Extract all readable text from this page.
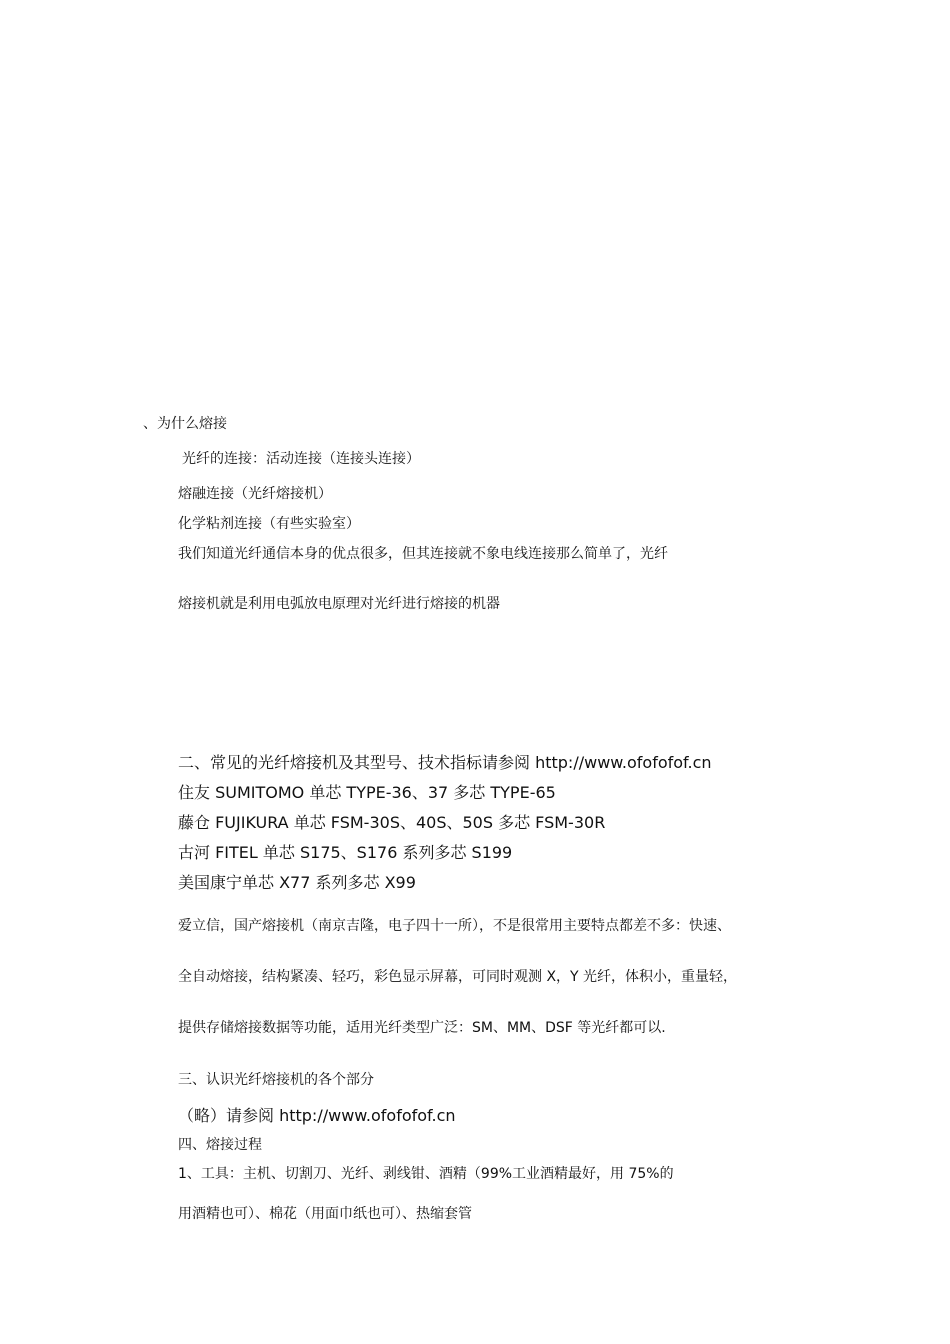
、为什么熔接
光纤的连接：活动连接（连接头连接）
熔融连接（光纤熔接机）
化学粘剂连接（有些实验室）
我们知道光纤通信本身的优点很多，但其连接就不象电线连接那么简单了，光纤
熔接机就是利用电弧放电原理对光纤进行熔接的机器
二、常见的光纤熔接机及其型号、技术指标请参阅 http://www.ofofofof.cn
住友 SUMITOMO 单芯 TYPE-36、37 多芯 TYPE-65
藤仓 FUJIKURA 单芯 FSM-30S、40S、50S 多芯 FSM-30R
古河 FITEL 单芯 S175、S176 系列多芯 S199
美国康宁单芯 X77 系列多芯 X99
爱立信，国产熔接机（南京吉隆，电子四十一所），不是很常用主要特点都差不多：快速、
全自动熔接，结构紧凑、轻巧，彩色显示屏幕，可同时观测 X，Y 光纤，体积小，重量轻，
提供存储熔接数据等功能，适用光纤类型广泛：SM、MM、DSF 等光纤都可以.
三、认识光纤熔接机的各个部分
（略）请参阅 http://www.ofofofof.cn
四、熔接过程
1、工具：主机、切割刀、光纤、剥线钳、酒精（99%工业酒精最好，用 75%的
用酒精也可）、棉花（用面巾纸也可）、热缩套管
